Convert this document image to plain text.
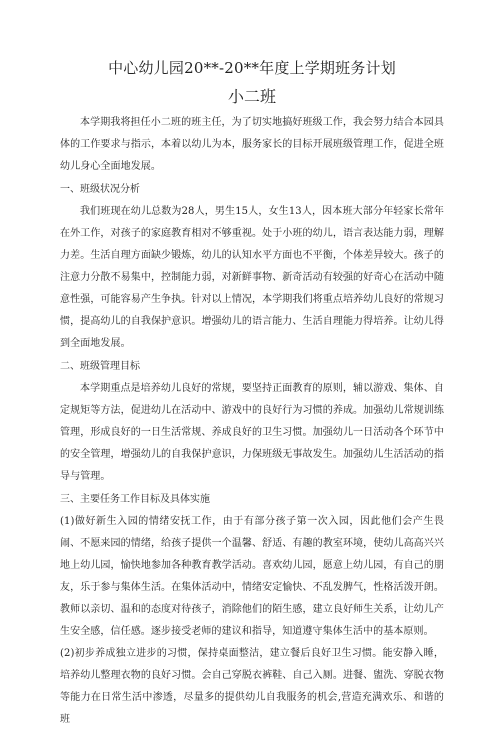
中心幼儿园20**-20**年度上学期班务计划
小二班

本学期我将担任小二班的班主任，为了切实地搞好班级工作，我会努力结合本园具体的工作要求与指示，本着以幼儿为本，服务家长的目标开展班级管理工作，促进全班幼儿身心全面地发展。

一、班级状况分析

我们班现在幼儿总数为28人，男生15人，女生13人，因本班大部分年轻家长常年在外工作，对孩子的家庭教育相对不够重视。处于小班的幼儿，语言表达能力弱，理解力差。生活自理方面缺少锻炼，幼儿的认知水平方面也不平衡，个体差异较大。孩子的注意力分散不易集中，控制能力弱，对新鲜事物、新奇活动有较强的好奇心在活动中随意性强，可能容易产生争执。针对以上情况，本学期我们将重点培养幼儿良好的常规习惯，提高幼儿的自我保护意识。增强幼儿的语言能力、生活自理能力得培养。让幼儿得到全面地发展。

二、班级管理目标

本学期重点是培养幼儿良好的常规，要坚持正面教育的原则，辅以游戏、集体、自定规矩等方法，促进幼儿在活动中、游戏中的良好行为习惯的养成。加强幼儿常规训练管理，形成良好的一日生活常规、养成良好的卫生习惯。加强幼儿一日活动各个环节中的安全管理，增强幼儿的自我保护意识，力保班级无事故发生。加强幼儿生活活动的指导与管理。

三、主要任务工作目标及具体实施

(1)做好新生入园的情绪安抚工作，由于有部分孩子第一次入园，因此他们会产生畏闹、不愿来园的情绪，给孩子提供一个温馨、舒适、有趣的教室环境，使幼儿高高兴兴地上幼儿园，愉快地参加各种教育教学活动。喜欢幼儿园，愿意上幼儿园，有自己的朋友，乐于参与集体生活。在集体活动中，情绪安定愉快、不乱发脾气，性格活泼开朗。教师以亲切、温和的态度对待孩子，消除他们的陌生感，建立良好师生关系，让幼儿产生安全感，信任感。逐步接受老师的建议和指导，知道遵守集体生活中的基本原则。

(2)初步养成独立进步的习惯，保持桌面整洁，建立餐后良好卫生习惯。能安静入睡，培养幼儿整理衣物的良好习惯。会自己穿脱衣裤鞋、自己入厕。进餐、盥洗、穿脱衣物等能力在日常生活中渗透，尽量多的提供幼儿自我服务的机会,营造充满欢乐、和谐的班
